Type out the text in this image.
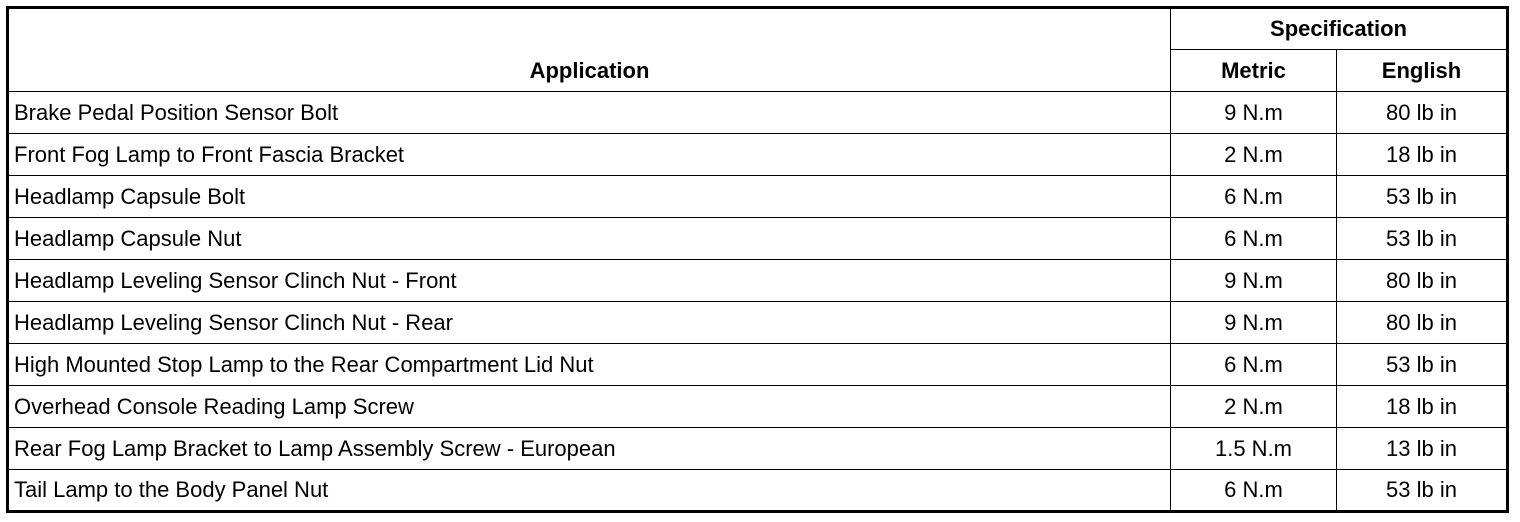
Application	Specification	
	Metric	English
Brake Pedal Position Sensor Bolt	9 N.m	80 lb in
Front Fog Lamp to Front Fascia Bracket	2 N.m	18 lb in
Headlamp Capsule Bolt	6 N.m	53 lb in
Headlamp Capsule Nut	6 N.m	53 lb in
Headlamp Leveling Sensor Clinch Nut - Front	9 N.m	80 lb in
Headlamp Leveling Sensor Clinch Nut - Rear	9 N.m	80 lb in
High Mounted Stop Lamp to the Rear Compartment Lid Nut	6 N.m	53 lb in
Overhead Console Reading Lamp Screw	2 N.m	18 lb in
Rear Fog Lamp Bracket to Lamp Assembly Screw - European	1.5 N.m	13 lb in
Tail Lamp to the Body Panel Nut	6 N.m	53 lb in
